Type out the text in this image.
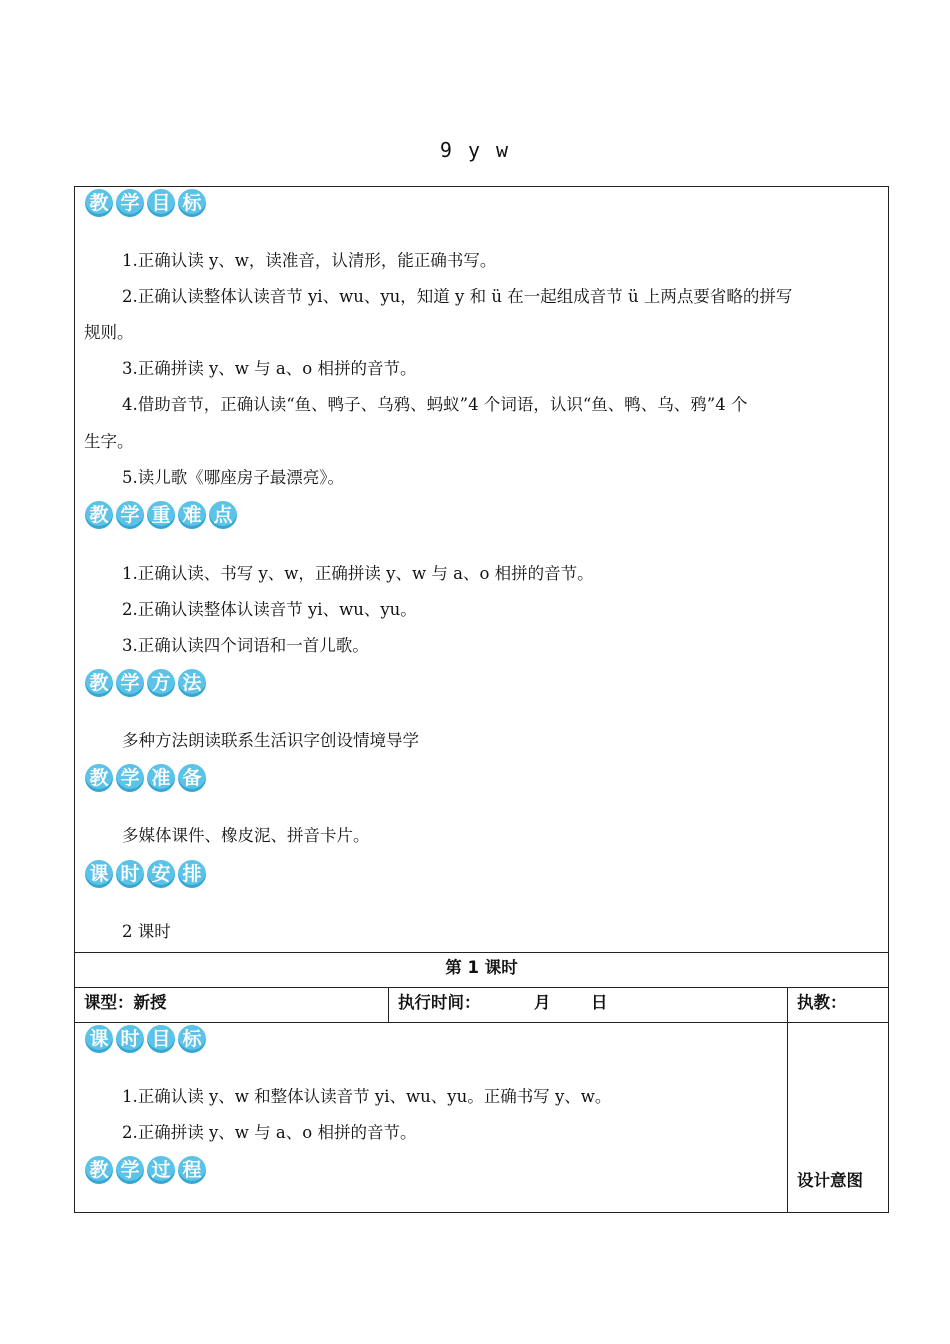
9 y w
教 学 目 标
1.正确认读 y、w，读准音，认清形，能正确书写。
2.正确认读整体认读音节 yi、wu、yu，知道 y 和 ü 在一起组成音节 ü 上两点要省略的拼写
规则。
3.正确拼读 y、w 与 a、o 相拼的音节。
4.借助音节，正确认读“鱼、鸭子、乌鸦、蚂蚁”4 个词语，认识“鱼、鸭、乌、鸦”4 个
生字。
5.读儿歌《哪座房子最漂亮》。
教 学 重 难 点
1.正确认读、书写 y、w，正确拼读 y、w 与 a、o 相拼的音节。
2.正确认读整体认读音节 yi、wu、yu。
3.正确认读四个词语和一首儿歌。
教 学 方 法
多种方法朗读联系生活识字创设情境导学
教 学 准 备
多媒体课件、橡皮泥、拼音卡片。
课 时 安 排
2 课时
第 1 课时
课型：新授	执行时间：	月 日	执教：
课 时 目 标
1.正确认读 y、w 和整体认读音节 yi、wu、yu。正确书写 y、w。
2.正确拼读 y、w 与 a、o 相拼的音节。
教 学 过 程	设计意图
